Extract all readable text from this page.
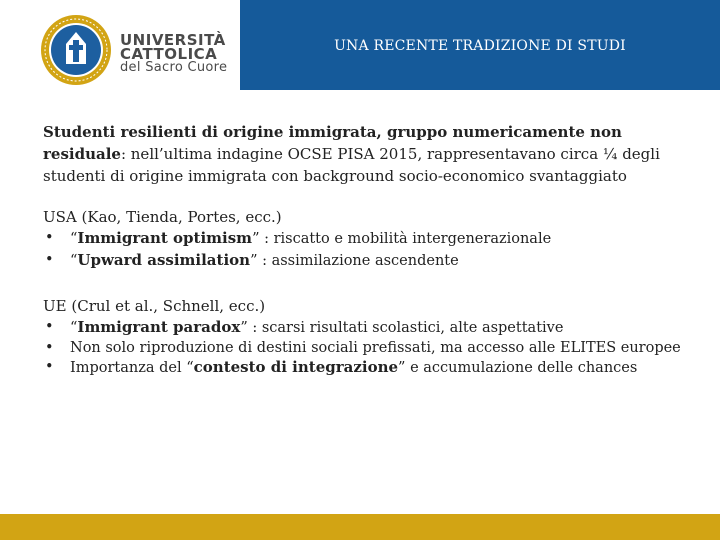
UNIVERSITÀ
CATTOLICA
del Sacro Cuore
UNA RECENTE TRADIZIONE DI STUDI

Studenti resilienti di origine immigrata, gruppo numericamente non residuale: nell’ultima indagine OCSE PISA 2015, rappresentavano circa ¼ degli studenti di origine immigrata con background socio-economico svantaggiato

USA (Kao, Tienda, Portes, ecc.)
• “Immigrant optimism” : riscatto e mobilità intergenerazionale
• “Upward assimilation” : assimilazione ascendente
UE (Crul et al., Schnell, ecc.)
• “Immigrant paradox” : scarsi risultati scolastici, alte aspettative
• Non solo riproduzione di destini sociali prefissati, ma accesso alle ELITES europee
• Importanza del “contesto di integrazione” e accumulazione delle chances
